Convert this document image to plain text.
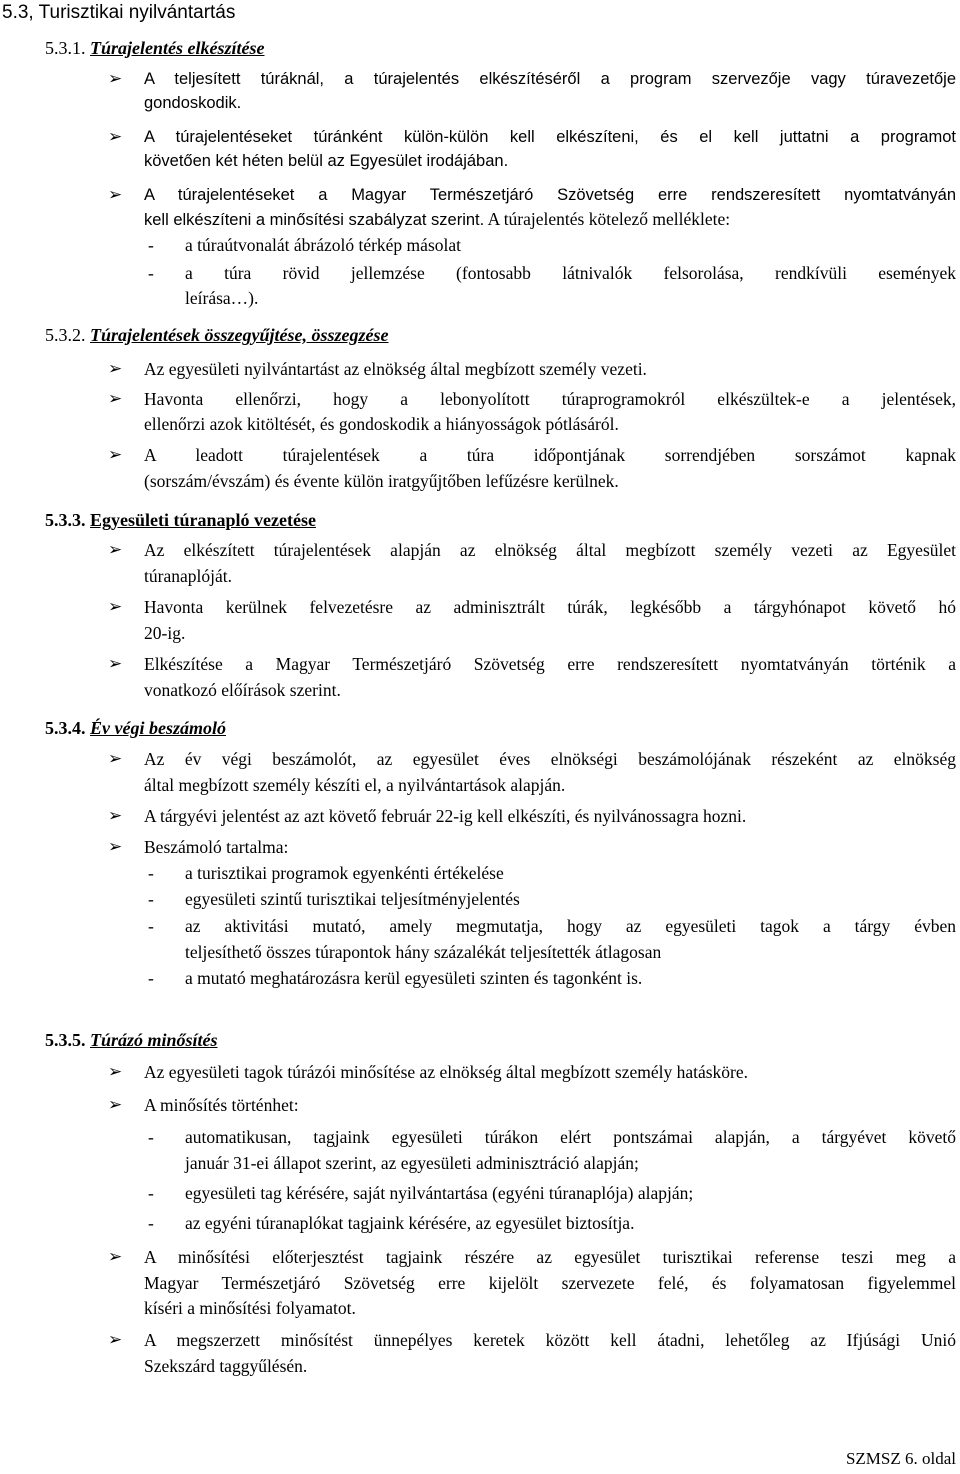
5.3, Turisztikai nyilvántartás
5.3.1. Túrajelentés elkészítése
➢ A teljesített túráknál, a túrajelentés elkészítéséről a program szervezője vagy túravezetője
gondoskodik.
➢ A túrajelentéseket túránként külön-külön kell elkészíteni, és el kell juttatni a programot
követően két héten belül az Egyesület irodájában.
➢ A túrajelentéseket a Magyar Természetjáró Szövetség erre rendszeresített nyomtatványán
kell elkészíteni a minősítési szabályzat szerint. A túrajelentés kötelező melléklete:
- a túraútvonalát ábrázoló térkép másolat
- a túra rövid jellemzése (fontosabb látnivalók felsorolása, rendkívüli események
leírása…).
5.3.2. Túrajelentések összegyűjtése, összegzése
➢ Az egyesületi nyilvántartást az elnökség által megbízott személy vezeti.
➢ Havonta ellenőrzi, hogy a lebonyolított túraprogramokról elkészültek-e a jelentések,
ellenőrzi azok kitöltését, és gondoskodik a hiányosságok pótlásáról.
➢ A leadott túrajelentések a túra időpontjának sorrendjében sorszámot kapnak
(sorszám/évszám) és évente külön iratgyűjtőben lefűzésre kerülnek.
5.3.3. Egyesületi túranapló vezetése
➢ Az elkészített túrajelentések alapján az elnökség által megbízott személy vezeti az Egyesület
túranaplóját.
➢ Havonta kerülnek felvezetésre az adminisztrált túrák, legkésőbb a tárgyhónapot követő hó
20-ig.
➢ Elkészítése a Magyar Természetjáró Szövetség erre rendszeresített nyomtatványán történik a
vonatkozó előírások szerint.
5.3.4. Év végi beszámoló
➢ Az év végi beszámolót, az egyesület éves elnökségi beszámolójának részeként az elnökség
által megbízott személy készíti el, a nyilvántartások alapján.
➢ A tárgyévi jelentést az azt követő február 22-ig kell elkészíti, és nyilvánossagra hozni.
➢ Beszámoló tartalma:
- a turisztikai programok egyenkénti értékelése
- egyesületi szintű turisztikai teljesítményjelentés
- az aktivitási mutató, amely megmutatja, hogy az egyesületi tagok a tárgy évben
teljesíthető összes túrapontok hány százalékát teljesítették átlagosan
- a mutató meghatározásra kerül egyesületi szinten és tagonként is.
5.3.5. Túrázó minősítés
➢ Az egyesületi tagok túrázói minősítése az elnökség által megbízott személy hatásköre.
➢ A minősítés történhet:
- automatikusan, tagjaink egyesületi túrákon elért pontszámai alapján, a tárgyévet követő
január 31-ei állapot szerint, az egyesületi adminisztráció alapján;
- egyesületi tag kérésére, saját nyilvántartása (egyéni túranaplója) alapján;
- az egyéni túranaplókat tagjaink kérésére, az egyesület biztosítja.
➢ A minősítési előterjesztést tagjaink részére az egyesület turisztikai referense teszi meg a
Magyar Természetjáró Szövetség erre kijelölt szervezete felé, és folyamatosan figyelemmel
kíséri a minősítési folyamatot.
➢ A megszerzett minősítést ünnepélyes keretek között kell átadni, lehetőleg az Ifjúsági Unió
Szekszárd taggyűlésén.
SZMSZ 6. oldal
